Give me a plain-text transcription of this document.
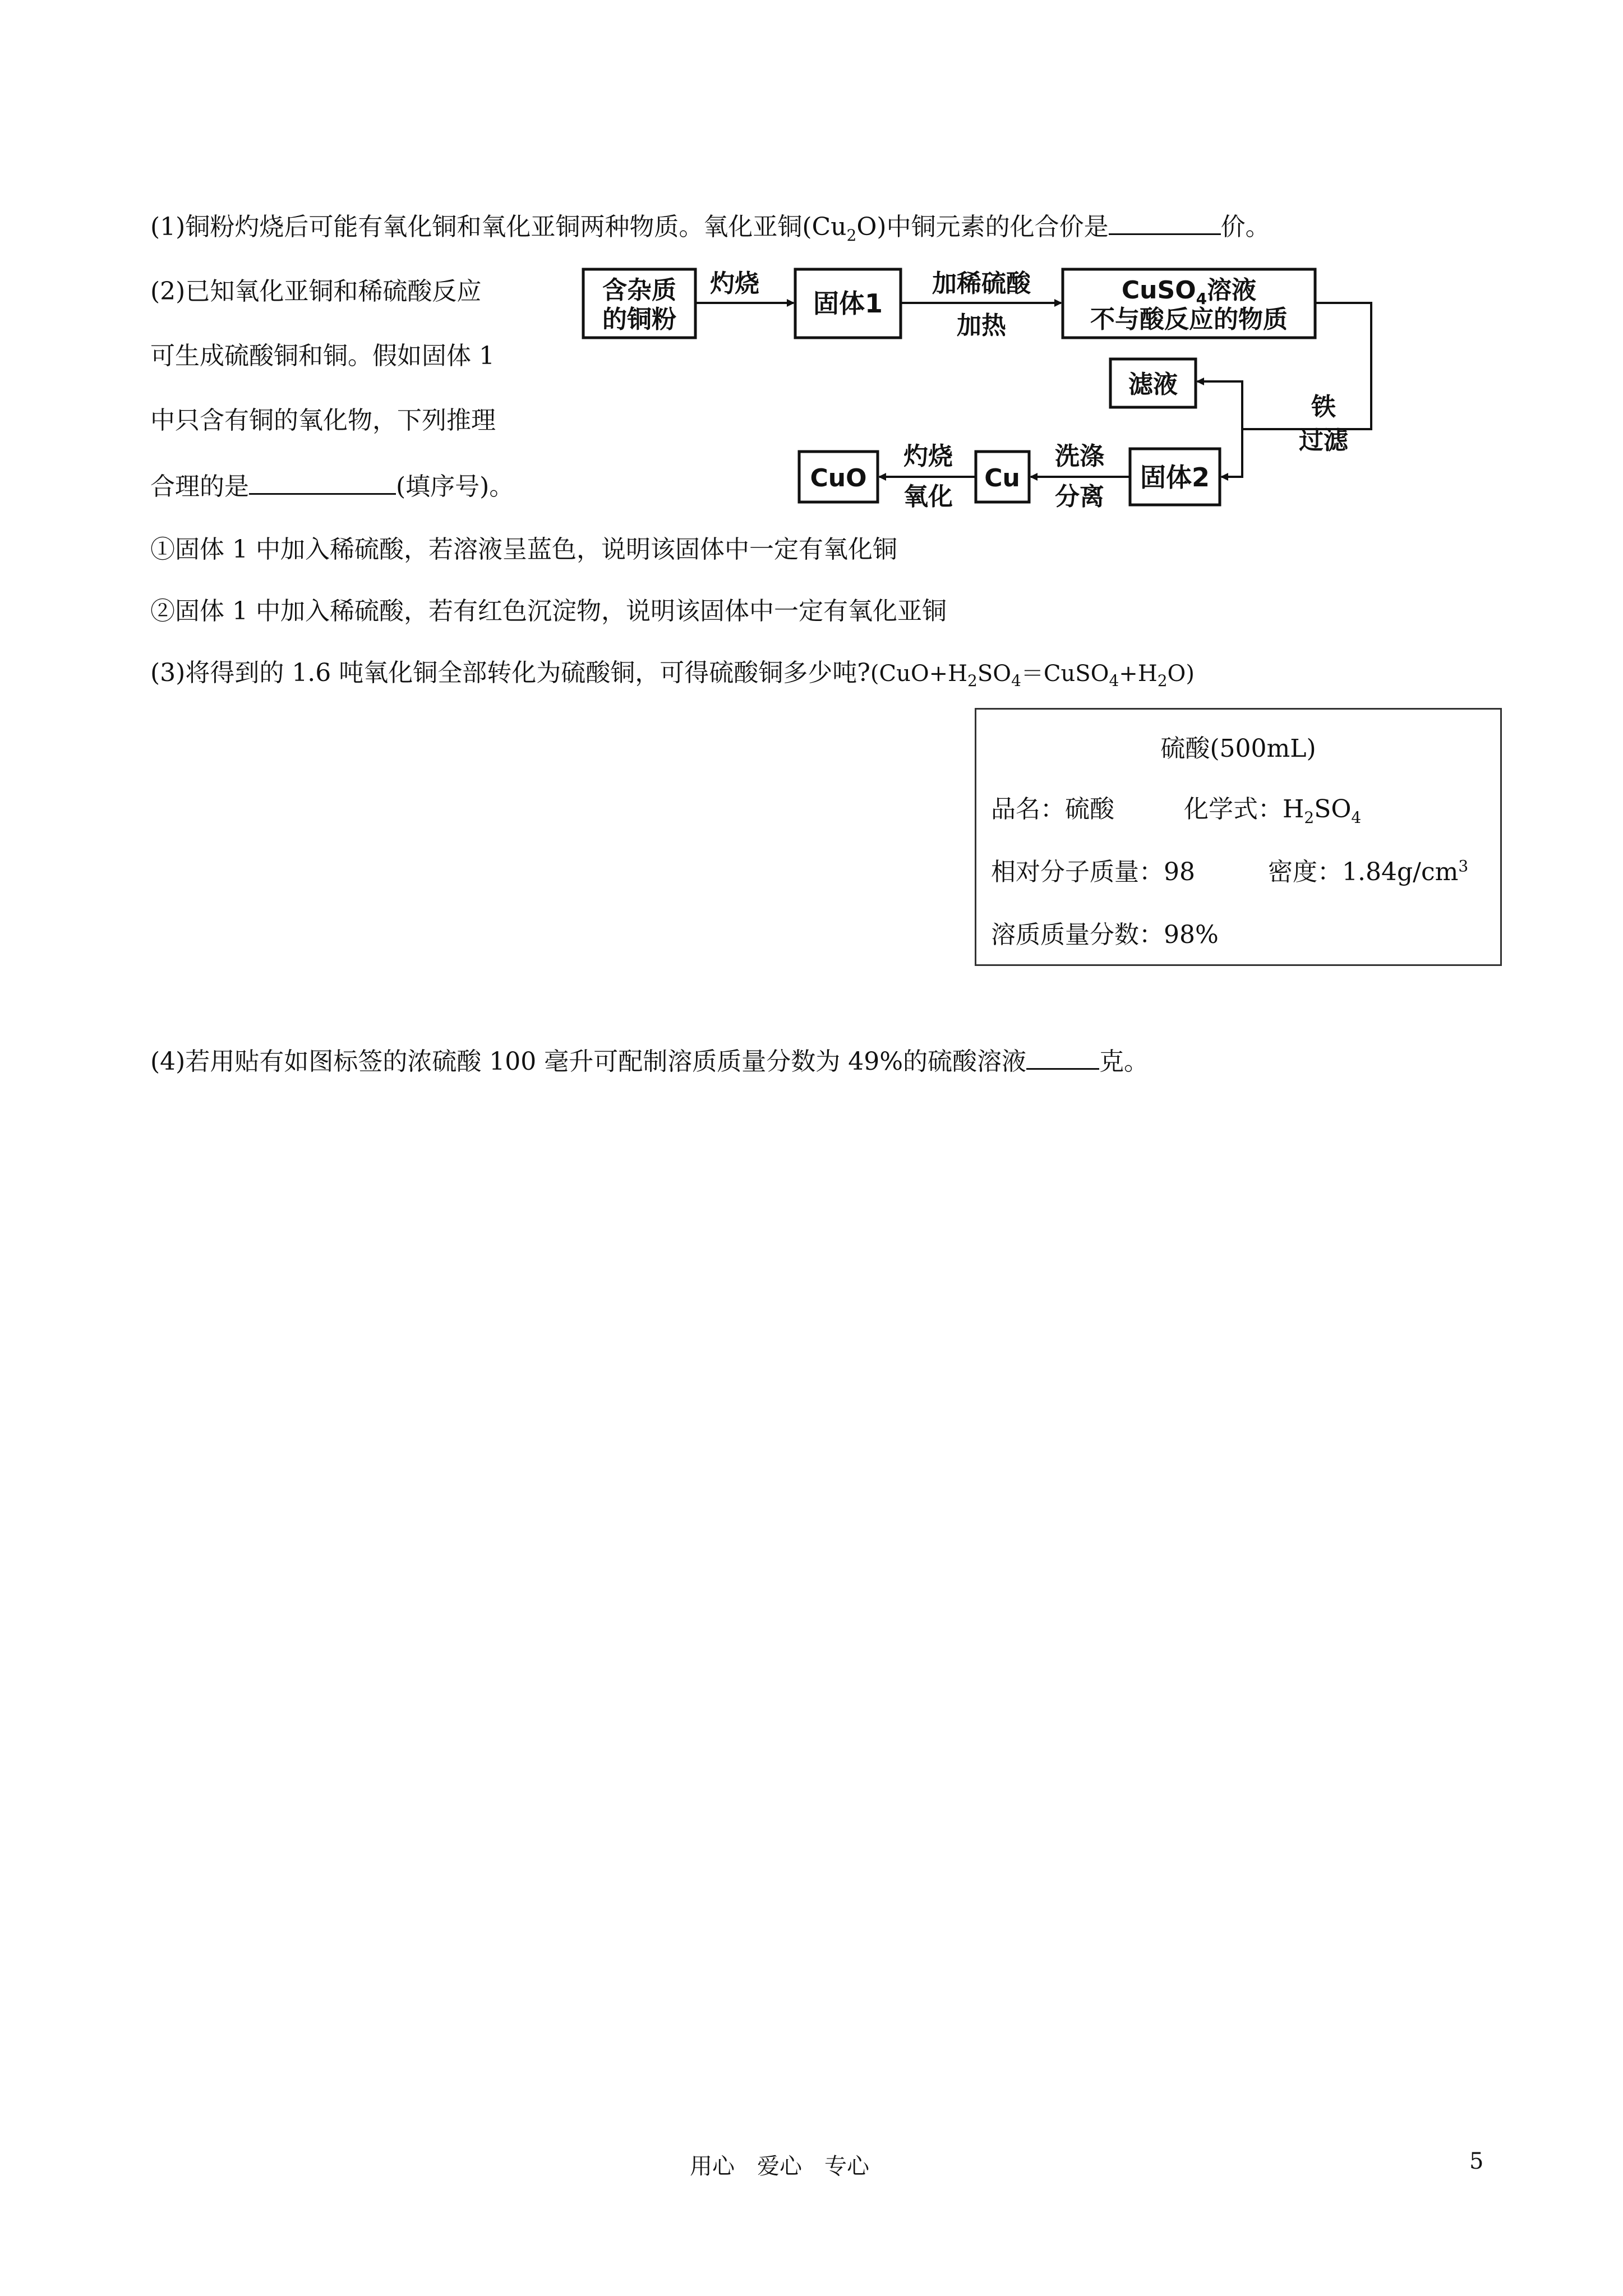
(1)铜粉灼烧后可能有氧化铜和氧化亚铜两种物质。氧化亚铜$(Cu_2O)$中铜元素的化合价是	价。
(2)已知氧化亚铜和稀硫酸反应
可生成硫酸铜和铜。假如固体 1
中只含有铜的氧化物，下列推理
合理的是	(填序号)。
含杂质
的铜粉
灼烧
固体1
加稀硫酸
加热
CuSO$_4$溶液
不与酸反应的物质
铁
过滤
滤液
固体2
洗涤
分离
Cu
灼烧
氧化
CuO
①固体 1 中加入稀硫酸，若溶液呈蓝色，说明该固体中一定有氧化铜
②固体 1 中加入稀硫酸，若有红色沉淀物，说明该固体中一定有氧化亚铜
(3)将得到的 1.6 吨氧化铜全部转化为硫酸铜，可得硫酸铜多少吨$?(CuO+H_2SO_4=CuSO_4+H_2O)$
硫酸(500mL)
品名：硫酸	化学式：$H_2SO_4$
相对分子质量：98	密度：$1.84g/cm^3$
溶质质量分数：98%
(4)若用贴有如图标签的浓硫酸 100 毫升可配制溶质质量分数为 49%的硫酸溶液	克。
用心　爱心　专心	5
